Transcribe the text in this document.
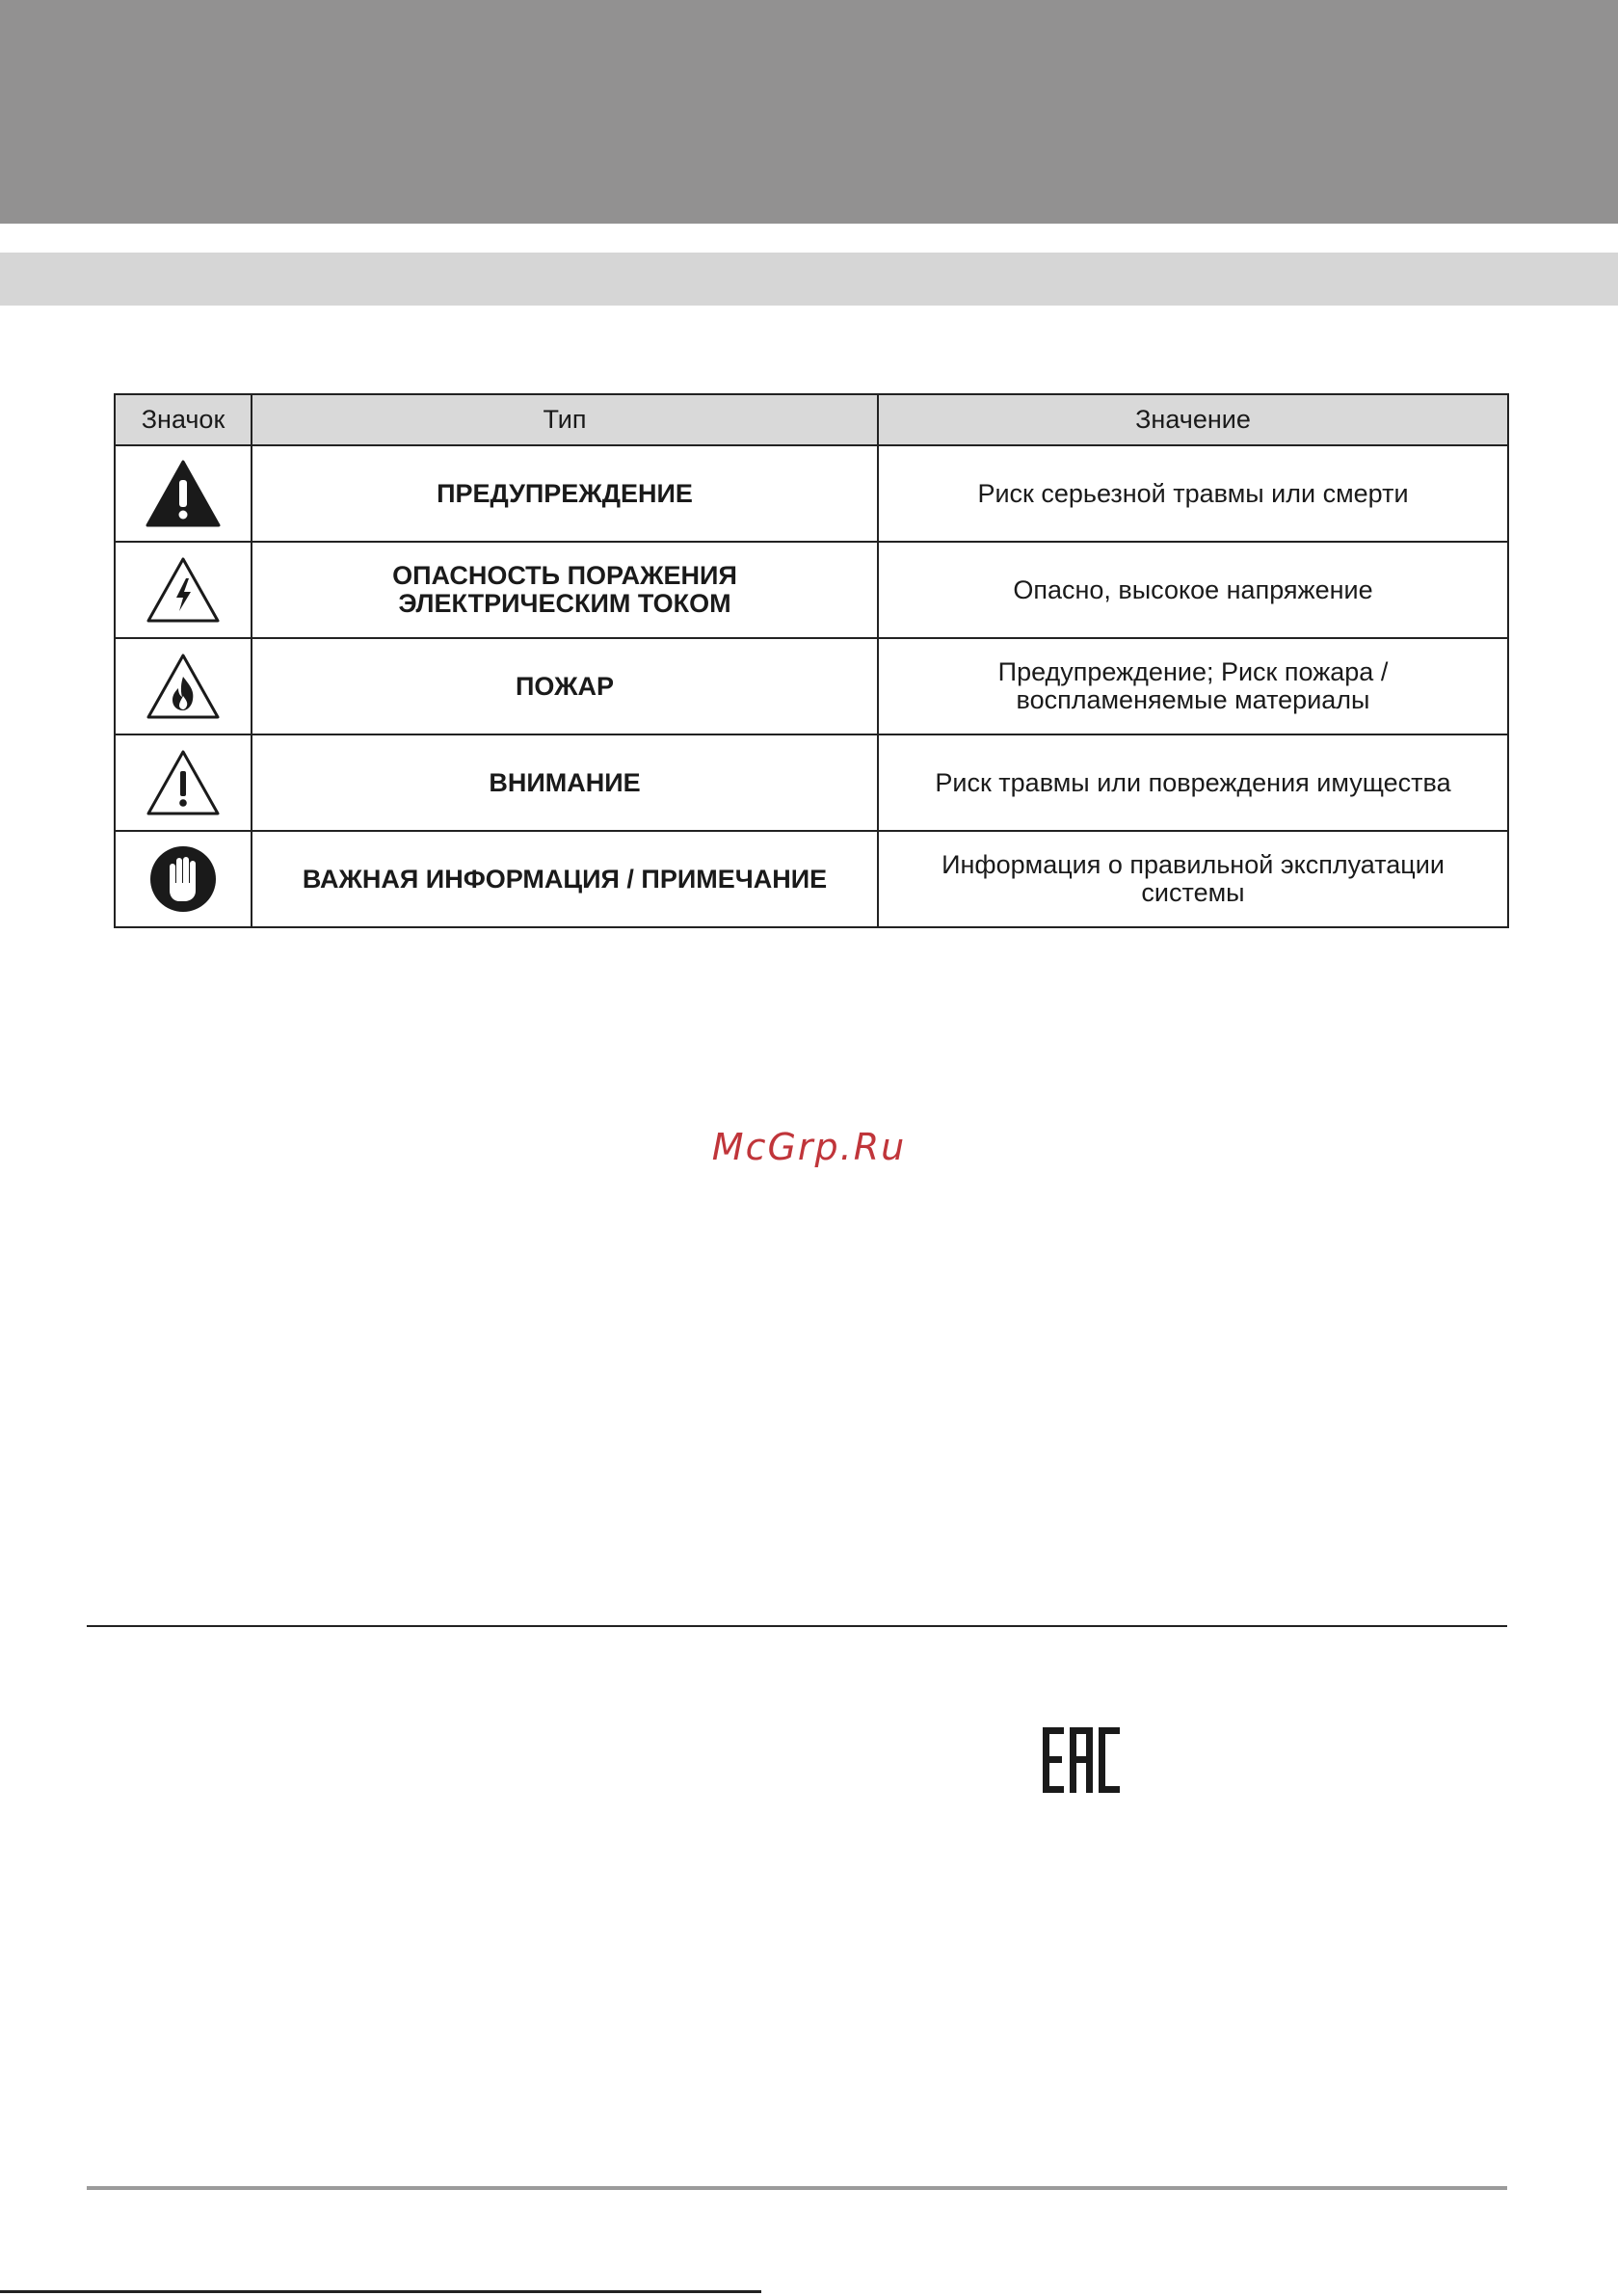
Значок	Тип	Значение

	ПРЕДУПРЕЖДЕНИЕ	Риск серьезной травмы или смерти

	ОПАСНОСТЬ ПОРАЖЕНИЯ
ЭЛЕКТРИЧЕСКИМ ТОКОМ	Опасно, высокое напряжение

	ПОЖАР	Предупреждение; Риск пожара /
воспламеняемые материалы

	ВНИМАНИЕ	Риск травмы или повреждения имущества

	ВАЖНАЯ ИНФОРМАЦИЯ / ПРИМЕЧАНИЕ	Информация о правильной эксплуатации
системы
McGrp.Ru
